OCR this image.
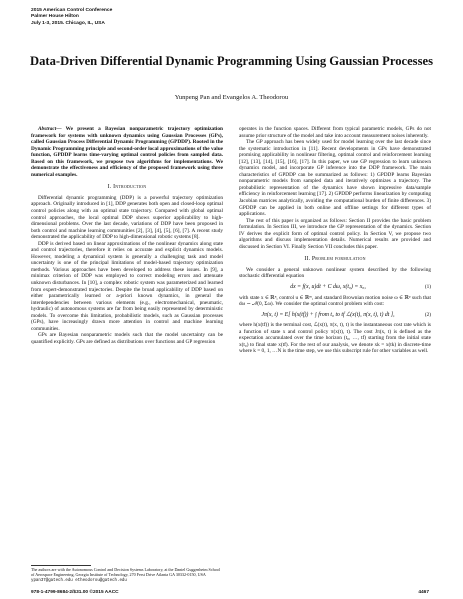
2015 American Control Conference
Palmer House Hilton
July 1-3, 2015. Chicago, IL, USA
Data-Driven Differential Dynamic Programming Using Gaussian Processes
Yunpeng Pan and Evangelos A. Theodorou

Abstract— We present a Bayesian nonparametric trajectory optimization framework for systems with unknown dynamics using Gaussian Processes (GPs), called Gaussian Process Differential Dynamic Programming (GPDDP). Rooted in the Dynamic Programming principle and second-order local approximations of the value function, GPDDP learns time-varying optimal control policies from sampled data. Based on this framework, we propose two algorithms for implementations. We demonstrate the effectiveness and efficiency of the proposed framework using three numerical examples.

I. Introduction

Differential dynamic programming (DDP) is a powerful trajectory optimization approach. Originally introduced in [1], DDP generates both open and closed-loop optimal control policies along with an optimal state trajectory. Compared with global optimal control approaches, the local optimal DDP shows superior applicability to high-dimensional problems. Over the last decade, variations of DDP have been proposed in both control and machine learning communities [2], [3], [4], [5], [6], [7]. A recent study demonstrated the applicability of DDP to high-dimensional robotic systems [8].

DDP is derived based on linear approximations of the nonlinear dynamics along state and control trajectories, therefore it relies on accurate and explicit dynamics models. However, modeling a dynamical system is generally a challenging task and model uncertainty is one of the principal limitations of model-based trajectory optimization methods. Various approaches have been developed to address these issues. In [9], a minimax criterion of DDP was employed to correct modeling errors and attenuate unknown disturbances. In [10], a complex robotic system was parameterized and learned from expert-demonstrated trajectories. Despite the broad applicability of DDP based on either parametrically learned or a-priori known dynamics, in general the interdependencies between various elements (e.g., electromechanical, pneumatic, hydraulic) of autonomous systems are far from being easily represented by deterministic models. To overcome this limitation, probabilistic models, such as Gaussian processes (GPs), have increasingly drawn more attention in control and machine learning communities.

GPs are Bayesian nonparametric models such that the model uncertainty can be quantified explicitly. GPs are defined as distributions over functions and GP regression

operates in the function spaces. Different from typical parametric models, GPs do not assume prior structure of the model and take into account measurement noises inherently.

The GP approach has been widely used for model learning over the last decade since the systematic introduction in [11]. Recent developments in GPs have demonstrated promising applicability in nonlinear filtering, optimal control and reinforcement learning [12], [13], [14], [15], [16], [17]. In this paper, we use GP regression to learn unknown dynamics model, and incorporate GP inference into the DDP framework. The main characteristics of GPDDP can be summarized as follows: 1) GPDDP learns Bayesian nonparametric models from sampled data and iteratively optimizes a trajectory. The probabilistic representation of the dynamics have shown impressive data/sample efficiency in reinforcement learning [17]. 2) GPDDP performs linearization by computing Jacobian matrices analytically, avoiding the computational burden of finite differences. 3) GPDDP can be applied in both online and offline settings for different types of applications.

The rest of this paper is organized as follows: Section II provides the basic problem formulation. In Section III, we introduce the GP representation of the dynamics. Section IV derives the explicit form of optimal control policy. In Section V, we propose two algorithms and discuss implementation details. Numerical results are provided and discussed in Section VI. Finally Section VII concludes this paper.

II. Problem formulation

We consider a general unknown nonlinear system described by the following stochastic differential equation

dx = f(x, u)dt + C dω, x(t₀) = x₀,	(1)

with state x ∈ ℝⁿ, control u ∈ ℝᵐ, and standard Brownian motion noise ω ∈ ℝᵖ such that dω ∼ 𝒩(0, Σω). We consider the optimal control problem with cost:

Jπ(x, t) = E[ h(x(tf)) + ∫ from t₀ to tf ℒ(x(t), π(x, t), t) dt ],	(2)

where h(x(tf)) is the terminal cost, ℒ(x(t), π(x, t), t) is the instantaneous cost rate which is a function of state x and control policy π(x(t), t). The cost Jπ(x, t) is defined as the expectation accumulated over the time horizon (t₀, …, tf) starting from the initial state x(t₀) to final state x(tf). For the rest of our analysis, we denote xk = x(tk) in discrete-time where k = 0, 1, …N is the time step, we use this subscript rule for other variables as well.

The authors are with the Autonomous Control and Decision Systems Laboratory, at the Daniel Guggenheim School of Aerospace Engineering, Georgia Institute of Technology, 270 Ferst Drive Atlanta GA 30332-0150, USA
ypan37@gatech.edu etheodorou@gatech.edu
978-1-4799-8684-2/$31.00 ©2015 AACC	4467
